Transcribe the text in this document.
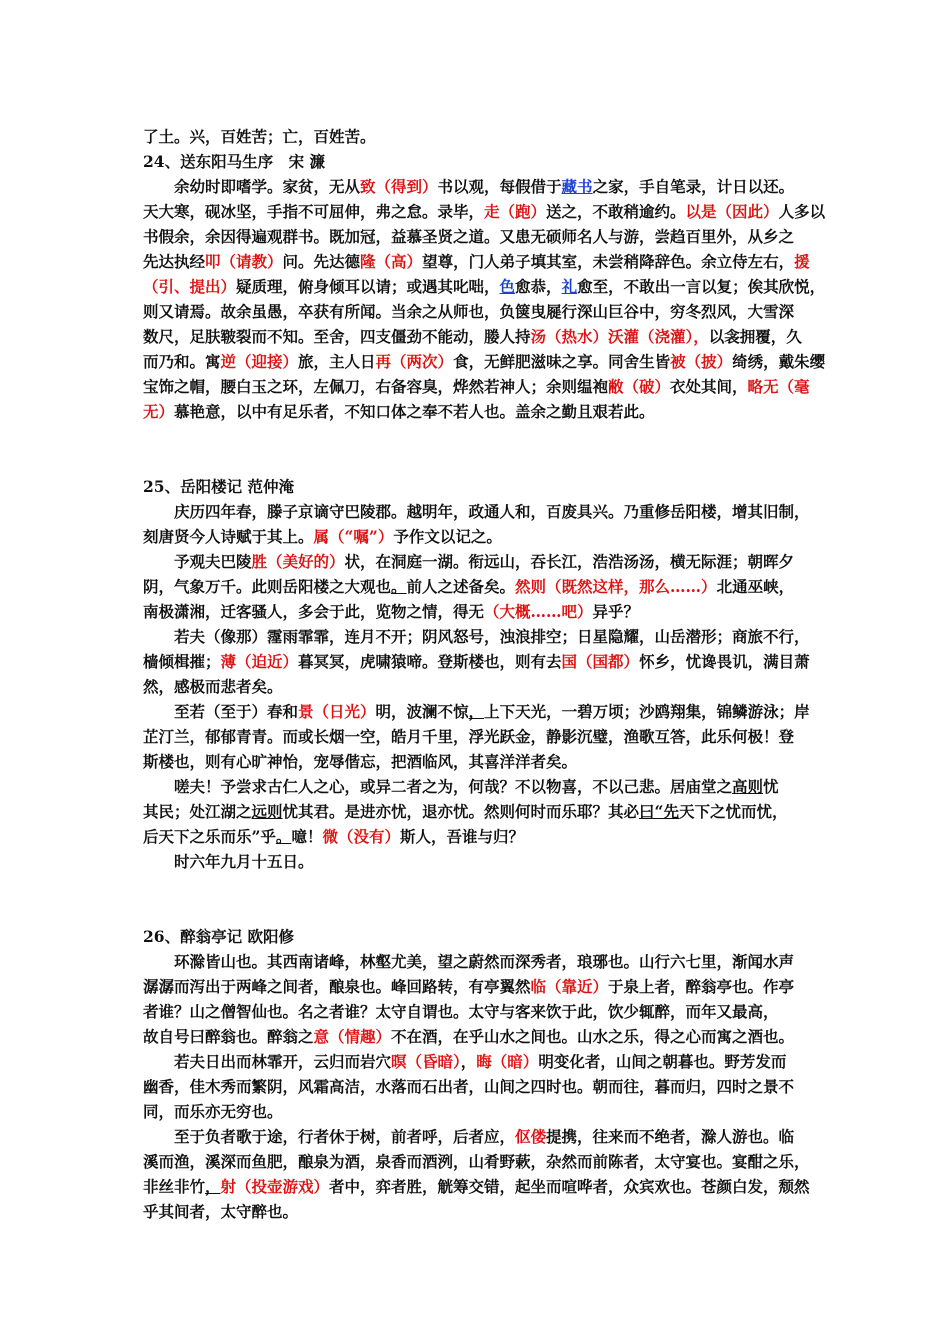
了土。兴，百姓苦；亡，百姓苦。
24、送东阳马生序　宋 濂
余幼时即嗜学。家贫，无从致（得到）书以观，每假借于藏书之家，手自笔录，计日以还。
天大寒，砚冰坚，手指不可屈伸，弗之怠。录毕，走（跑）送之，不敢稍逾约。以是（因此）人多以
书假余，余因得遍观群书。既加冠，益慕圣贤之道。又患无硕师名人与游，尝趋百里外，从乡之
先达执经叩（请教）问。先达德隆（高）望尊，门人弟子填其室，未尝稍降辞色。余立侍左右，援
（引、提出）疑质理，俯身倾耳以请；或遇其叱咄，色愈恭，礼愈至，不敢出一言以复；俟其欣悦，
则又请焉。故余虽愚，卒获有所闻。当余之从师也，负箧曳屣行深山巨谷中，穷冬烈风，大雪深
数尺，足肤皲裂而不知。至舍，四支僵劲不能动，媵人持汤（热水）沃灌（浇灌），以衾拥覆，久
而乃和。寓逆（迎接）旅，主人日再（两次）食，无鲜肥滋味之享。同舍生皆被（披）绮绣，戴朱缨
宝饰之帽，腰白玉之环，左佩刀，右备容臭，烨然若神人；余则缊袍敝（破）衣处其间，略无（毫
无）慕艳意，以中有足乐者，不知口体之奉不若人也。盖余之勤且艰若此。
25、岳阳楼记 范仲淹
庆历四年春，滕子京谪守巴陵郡。越明年，政通人和，百废具兴。乃重修岳阳楼，增其旧制，
刻唐贤今人诗赋于其上。属（“嘱”）予作文以记之。
予观夫巴陵胜（美好的）状，在洞庭一湖。衔远山，吞长江，浩浩汤汤，横无际涯；朝晖夕
阴，气象万千。此则岳阳楼之大观也。前人之述备矣。然则（既然这样，那么……）北通巫峡，
南极潇湘，迁客骚人，多会于此，览物之情，得无（大概……吧）异乎？
若夫（像那）霪雨霏霏，连月不开；阴风怒号，浊浪排空；日星隐耀，山岳潜形；商旅不行，
樯倾楫摧；薄（迫近）暮冥冥，虎啸猿啼。登斯楼也，则有去国（国都）怀乡，忧谗畏讥，满目萧
然，感极而悲者矣。
至若（至于）春和景（日光）明，波澜不惊，上下天光，一碧万顷；沙鸥翔集，锦鳞游泳；岸
芷汀兰，郁郁青青。而或长烟一空，皓月千里，浮光跃金，静影沉璧，渔歌互答，此乐何极！登
斯楼也，则有心旷神怡，宠辱偕忘，把酒临风，其喜洋洋者矣。
嗟夫！予尝求古仁人之心，或异二者之为，何哉？不以物喜，不以己悲。居庙堂之高则忧
其民；处江湖之远则忧其君。是进亦忧，退亦忧。然则何时而乐耶？其必曰“先天下之忧而忧，
后天下之乐而乐”乎。噫！微（没有）斯人，吾谁与归？
时六年九月十五日。
26、醉翁亭记 欧阳修
环滁皆山也。其西南诸峰，林壑尤美，望之蔚然而深秀者，琅琊也。山行六七里，渐闻水声
潺潺而泻出于两峰之间者，酿泉也。峰回路转，有亭翼然临（靠近）于泉上者，醉翁亭也。作亭
者谁？山之僧智仙也。名之者谁？太守自谓也。太守与客来饮于此，饮少辄醉，而年又最高，
故自号曰醉翁也。醉翁之意（情趣）不在酒，在乎山水之间也。山水之乐，得之心而寓之酒也。
若夫日出而林霏开，云归而岩穴暝（昏暗），晦（暗）明变化者，山间之朝暮也。野芳发而
幽香，佳木秀而繁阴，风霜高洁，水落而石出者，山间之四时也。朝而往，暮而归，四时之景不
同，而乐亦无穷也。
至于负者歌于途，行者休于树，前者呼，后者应，伛偻提携，往来而不绝者，滁人游也。临
溪而渔，溪深而鱼肥，酿泉为酒，泉香而酒洌，山肴野蔌，杂然而前陈者，太守宴也。宴酣之乐，
非丝非竹，射（投壶游戏）者中，弈者胜，觥筹交错，起坐而喧哗者，众宾欢也。苍颜白发，颓然
乎其间者，太守醉也。
